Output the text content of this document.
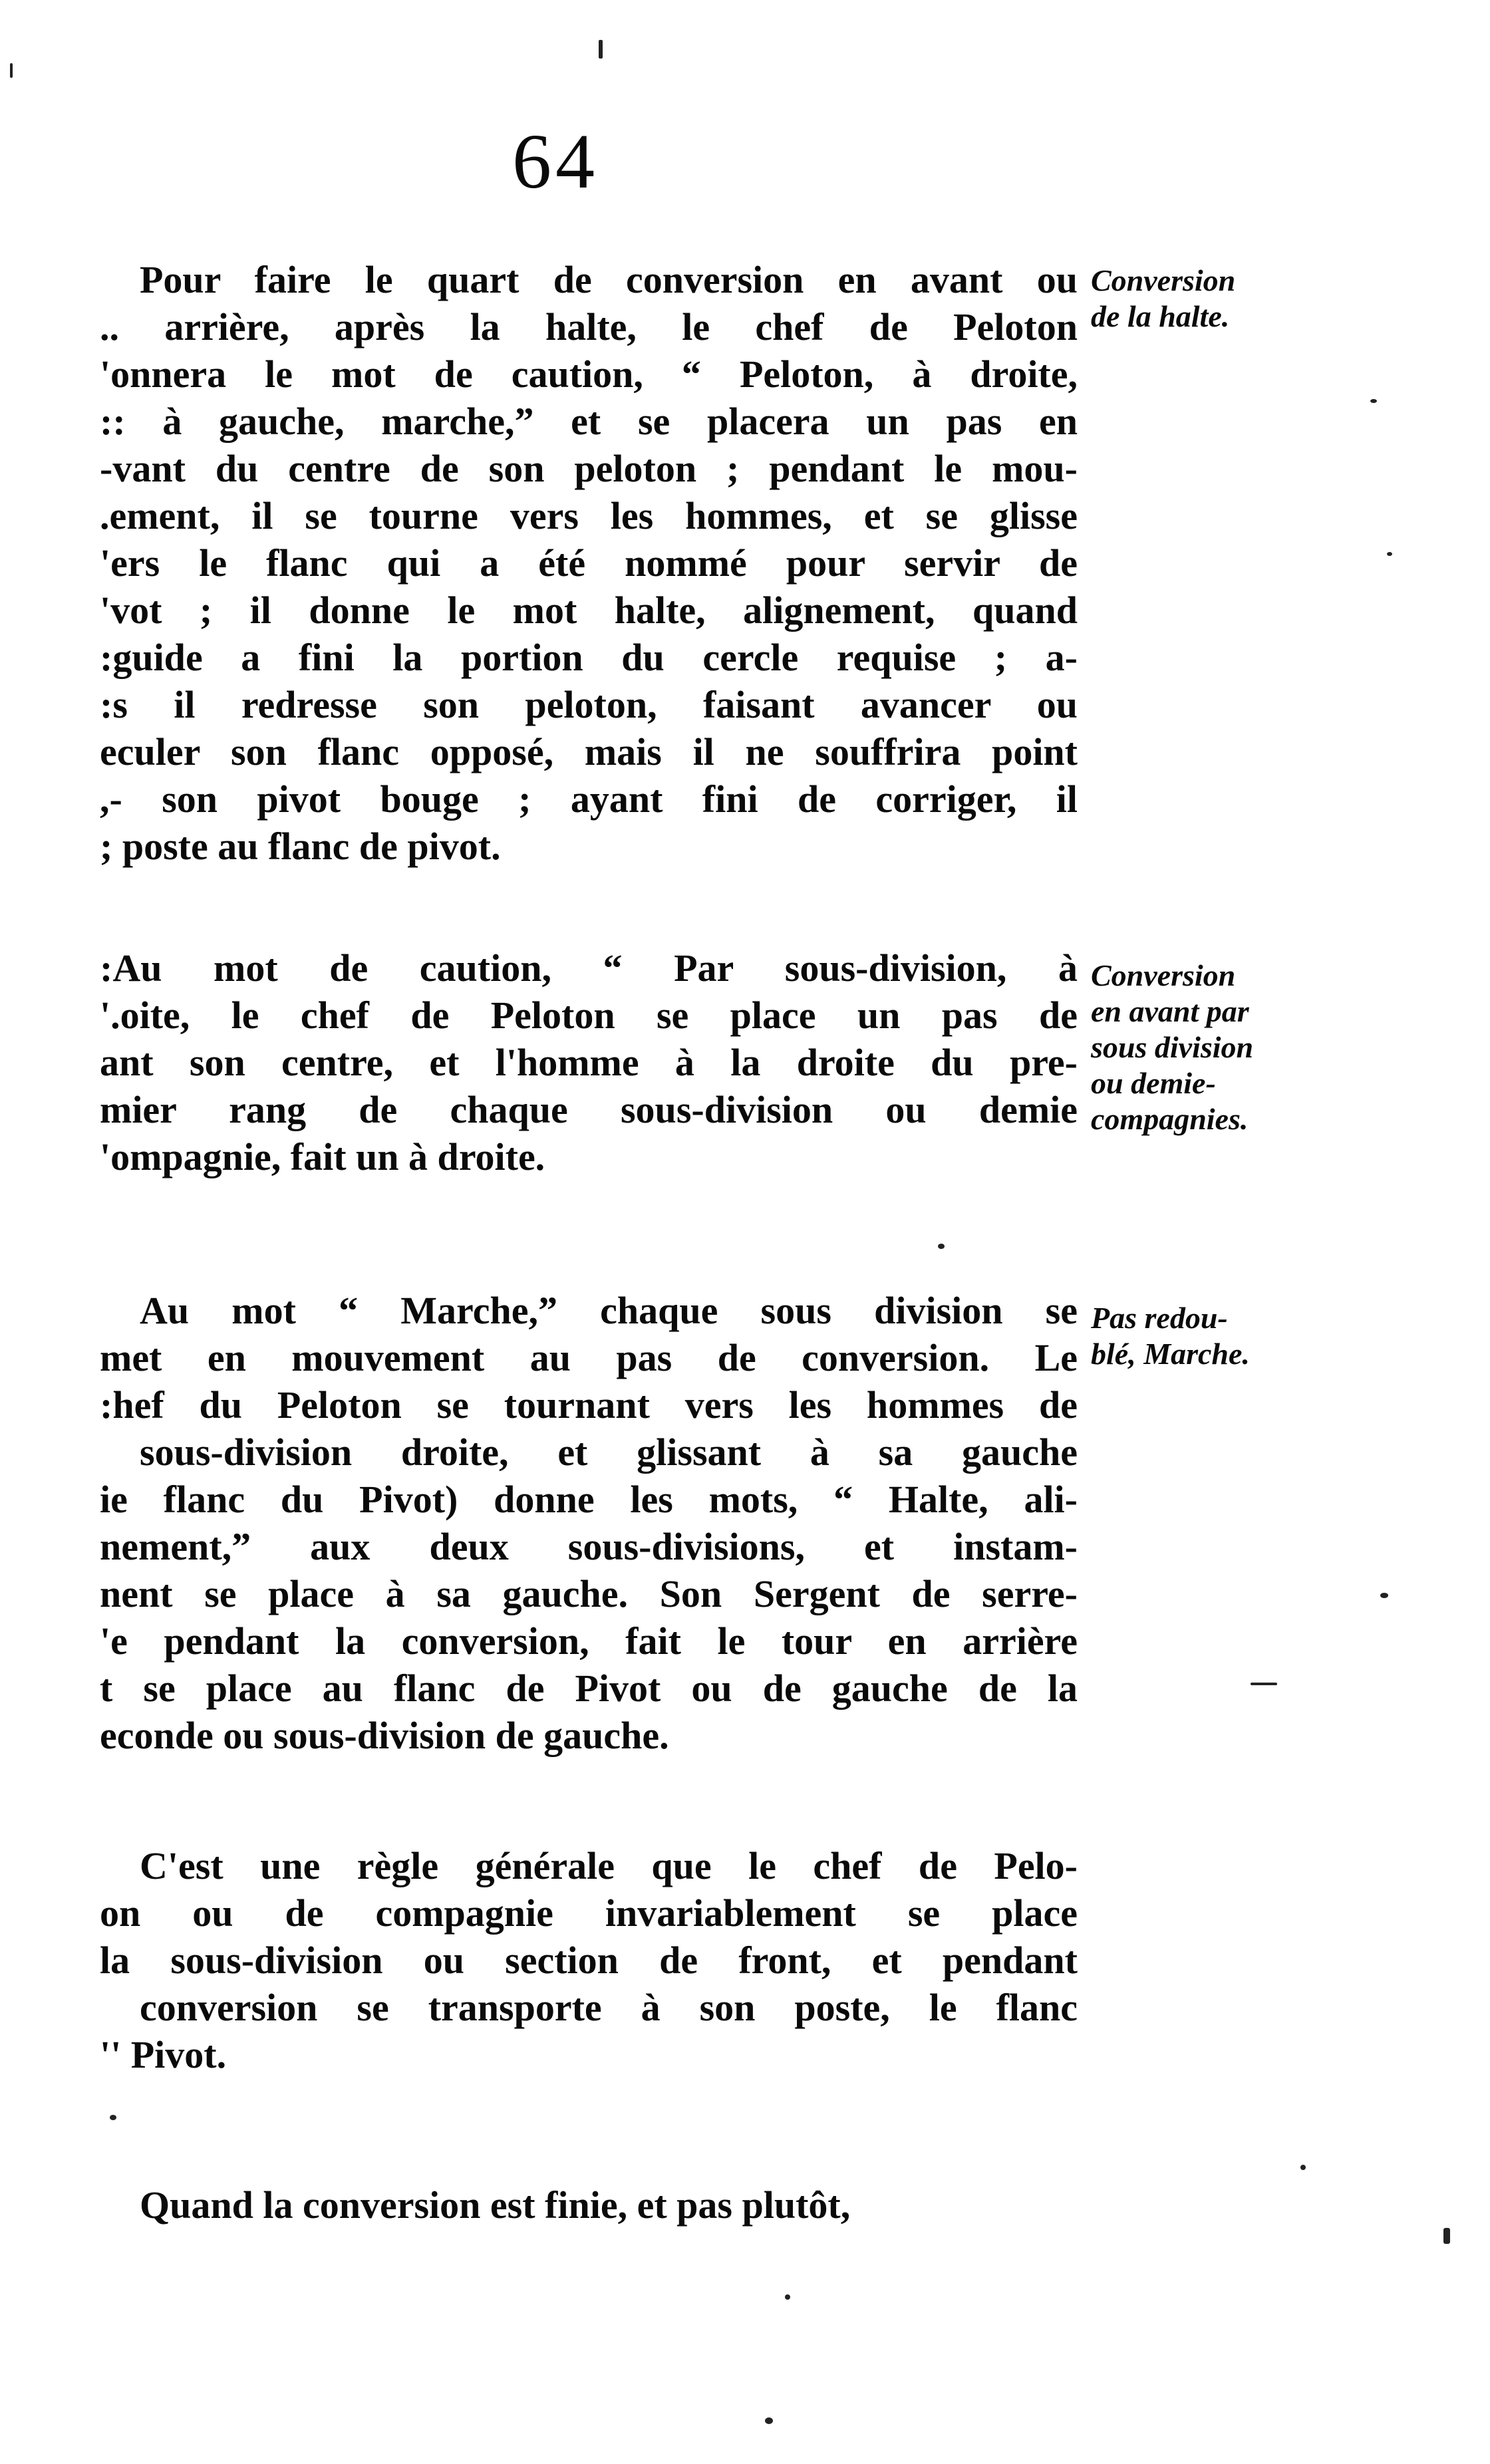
64
Pour faire le quart de conversion en avant ou
.. arrière, après la halte, le chef de Peloton
'onnera le mot de caution, “ Peloton, à droite,
:: à gauche, marche,” et se placera un pas en
-vant du centre de son peloton ; pendant le mou-
.ement, il se tourne vers les hommes, et se glisse
'ers le flanc qui a été nommé pour servir de
'vot ; il donne le mot halte, alignement, quand
:guide a fini la portion du cercle requise ; a-
:s il redresse son peloton, faisant avancer ou
eculer son flanc opposé, mais il ne souffrira point
,- son pivot bouge ; ayant fini de corriger, il
; poste au flanc de pivot.
:Au mot de caution, “ Par sous-division, à
'.oite, le chef de Peloton se place un pas de
ant son centre, et l'homme à la droite du pre-
mier rang de chaque sous-division ou demie
'ompagnie, fait un à droite.
Au mot “ Marche,” chaque sous division se
met en mouvement au pas de conversion. Le
:hef du Peloton se tournant vers les hommes de
sous-division droite, et glissant à sa gauche
ie flanc du Pivot) donne les mots, “ Halte, ali-
nement,” aux deux sous-divisions, et instam-
nent se place à sa gauche. Son Sergent de serre-
'e pendant la conversion, fait le tour en arrière
t se place au flanc de Pivot ou de gauche de la
econde ou sous-division de gauche.
C'est une règle générale que le chef de Pelo-
on ou de compagnie invariablement se place
la sous-division ou section de front, et pendant
conversion se transporte à son poste, le flanc
'' Pivot.
Quand la conversion est finie, et pas plutôt,
Conversion
de la halte.
Conversion
en avant par
sous division
ou demie-
compagnies.
Pas redou-
blé, Marche.
